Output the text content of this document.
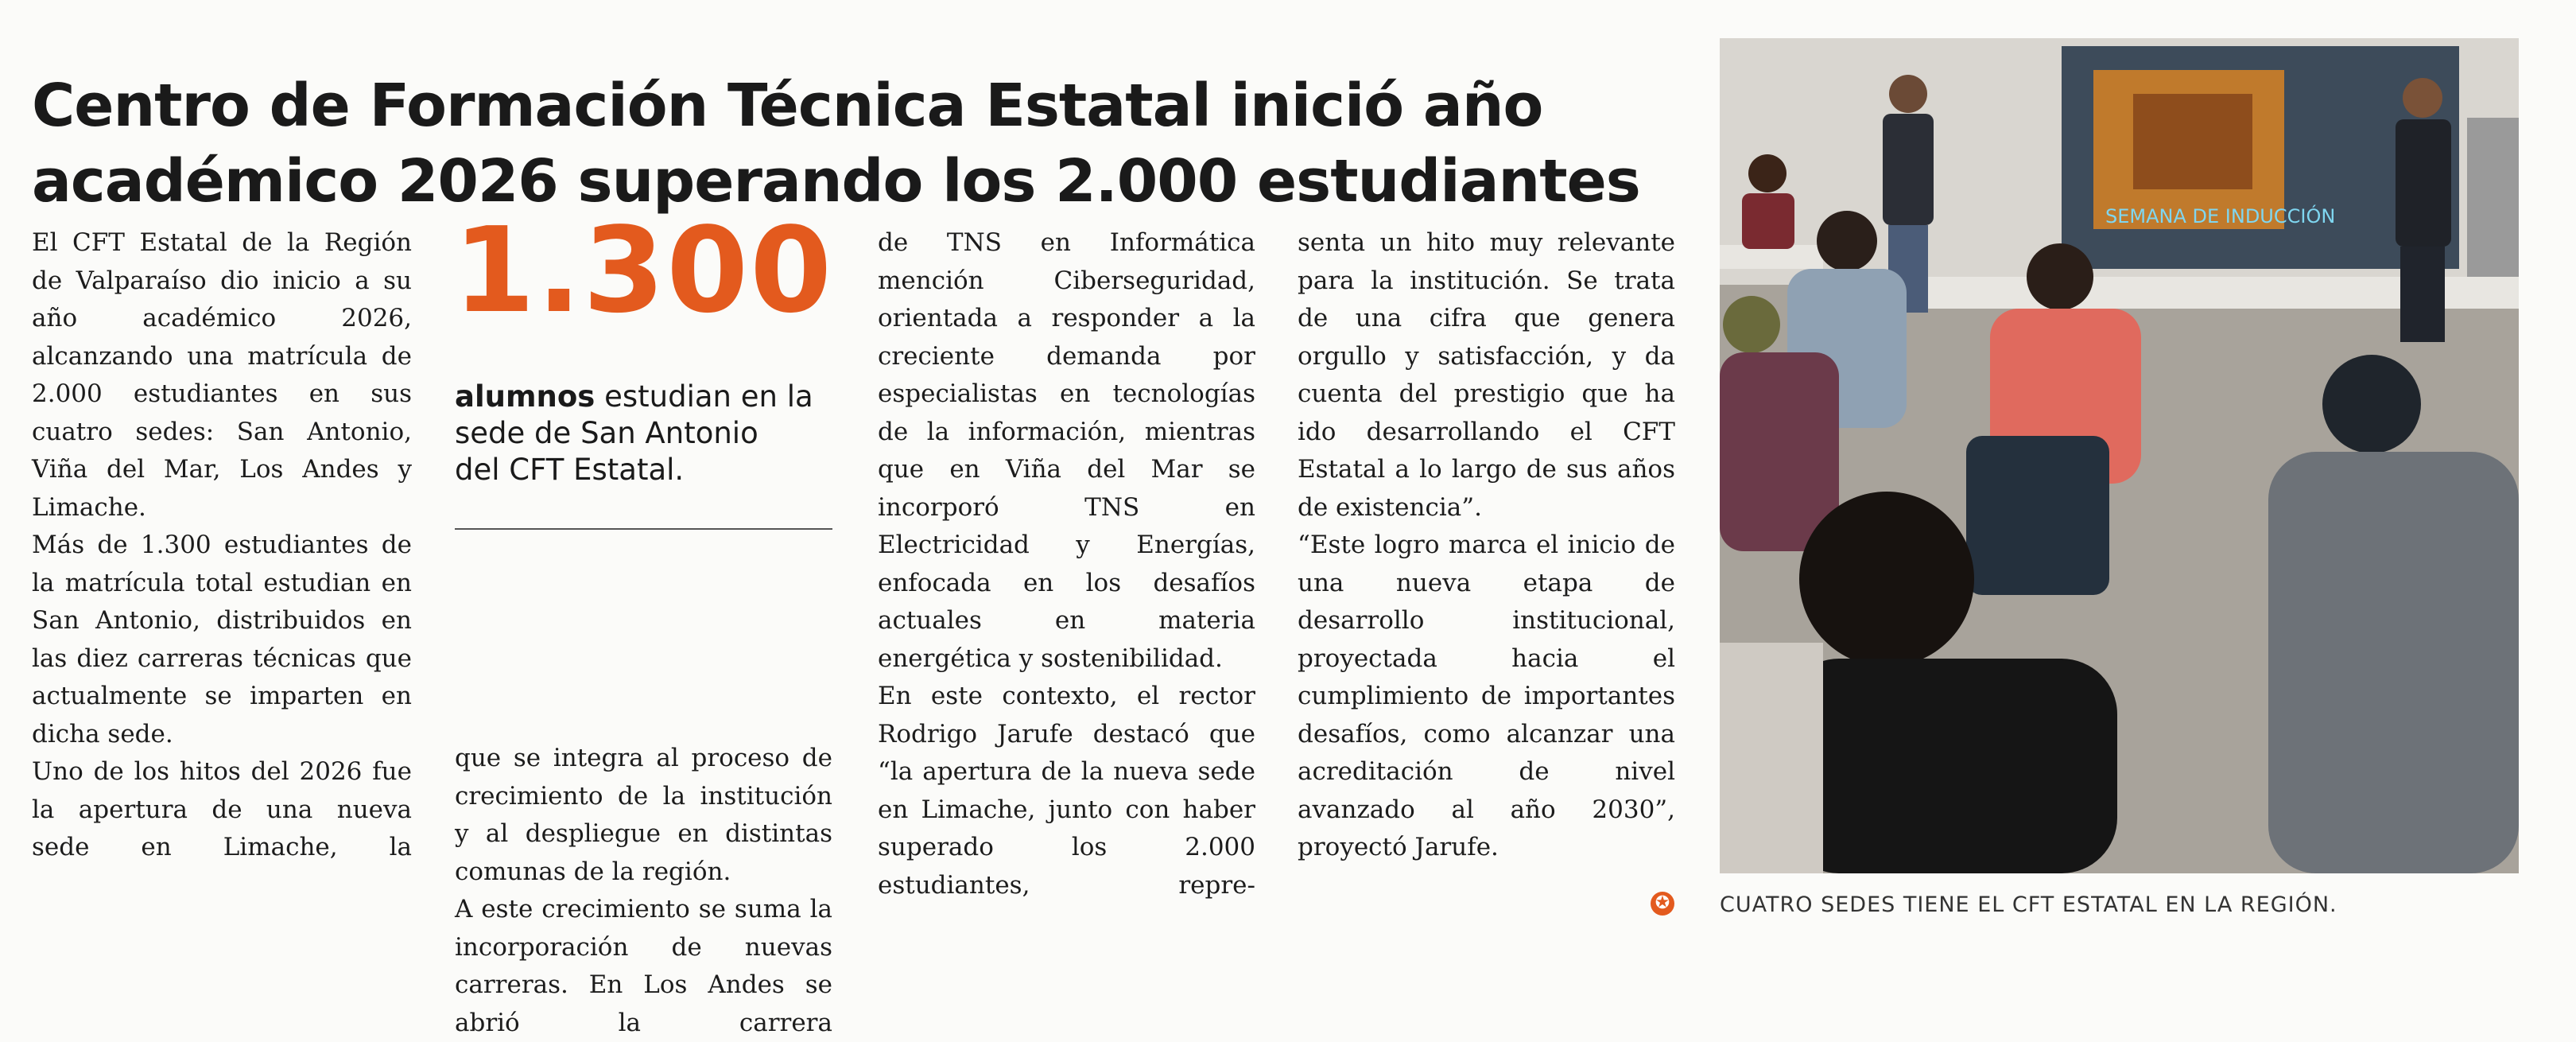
Centro de Formación Técnica Estatal inició año
académico 2026 superando los 2.000 estudiantes

El CFT Estatal de la Región de Valparaíso dio inicio a su año académico 2026, alcanzando una matrícula de 2.000 estudiantes en sus cuatro sedes: San Antonio, Viña del Mar, Los Andes y Limache.

Más de 1.300 estudiantes de la matrícula total estudian en San Antonio, distribuidos en las diez carreras técnicas que actualmente se imparten en dicha sede.

Uno de los hitos del 2026 fue la apertura de una nueva sede en Limache, la

1.300
alumnos estudian en la
sede de San Antonio
del CFT Estatal.

que se integra al proceso de crecimiento de la institución y al despliegue en distintas comunas de la región.

A este crecimiento se suma la incorporación de nuevas carreras. En Los Andes se abrió la carrera

de TNS en Informática mención Ciberseguridad, orientada a responder a la creciente demanda por especialistas en tecnologías de la información, mientras que en Viña del Mar se incorporó TNS en Electricidad y Energías, enfocada en los desafíos actuales en materia energética y sostenibilidad.

En este contexto, el rector Rodrigo Jarufe destacó que “la apertura de la nueva sede en Limache, junto con haber superado los 2.000 estudiantes, repre-

senta un hito muy relevante para la institución. Se trata de una cifra que genera orgullo y satisfacción, y da cuenta del prestigio que ha ido desarrollando el CFT Estatal a lo largo de sus años de existencia”.

“Este logro marca el inicio de una nueva etapa de desarrollo institucional, proyectada hacia el cumplimiento de importantes desafíos, como alcanzar una acreditación de nivel avanzado al año 2030”, proyectó Jarufe.

✪
SEMANA DE INDUCCIÓN
CUATRO SEDES TIENE EL CFT ESTATAL EN LA REGIÓN.
